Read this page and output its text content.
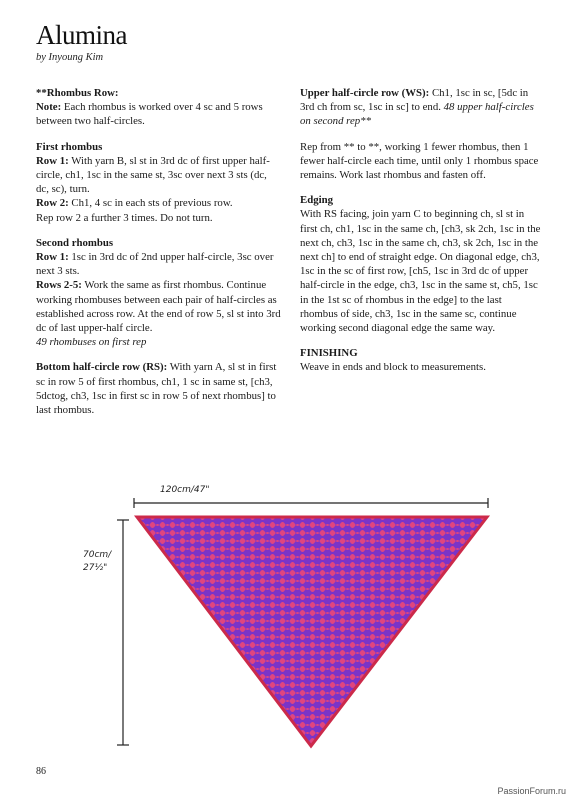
Alumina
by Inyoung Kim
**Rhombus Row:
Note: Each rhombus is worked over 4 sc and 5 rows between two half-circles.
First rhombus
Row 1: With yarn B, sl st in 3rd dc of first upper half-circle, ch1, 1sc in the same st, 3sc over next 3 sts (dc, dc, sc), turn.
Row 2: Ch1, 4 sc in each sts of previous row.
Rep row 2 a further 3 times. Do not turn.
Second rhombus
Row 1: 1sc in 3rd dc of 2nd upper half-circle, 3sc over next 3 sts.
Rows 2-5: Work the same as first rhombus. Continue working rhombuses between each pair of half-circles as established across row. At the end of row 5, sl st into 3rd dc of last upper-half circle.
49 rhombuses on first rep
Bottom half-circle row (RS): With yarn A, sl st in first sc in row 5 of first rhombus, ch1, 1 sc in same st, [ch3, 5dctog, ch3, 1sc in first sc in row 5 of next rhombus] to last rhombus.
Upper half-circle row (WS): Ch1, 1sc in sc, [5dc in 3rd ch from sc, 1sc in sc] to end. 48 upper half-circles on second rep**
Rep from ** to **, working 1 fewer rhombus, then 1 fewer half-circle each time, until only 1 rhombus space remains. Work last rhombus and fasten off.
Edging
With RS facing, join yarn C to beginning ch, sl st in first ch, ch1, 1sc in the same ch, [ch3, sk 2ch, 1sc in the next ch, ch3, 1sc in the same ch, ch3, sk 2ch, 1sc in the next ch] to end of straight edge. On diagonal edge, ch3, 1sc in the sc of first row, [ch5, 1sc in 3rd dc of upper half-circle in the edge, ch3, 1sc in the same st, ch5, 1sc in the 1st sc of rhombus in the edge] to the last rhombus of side, ch3, 1sc in the same sc, continue working second diagonal edge the same way.
FINISHING
Weave in ends and block to measurements.
120cm/47"
70cm/
27½"
86
PassionForum.ru
